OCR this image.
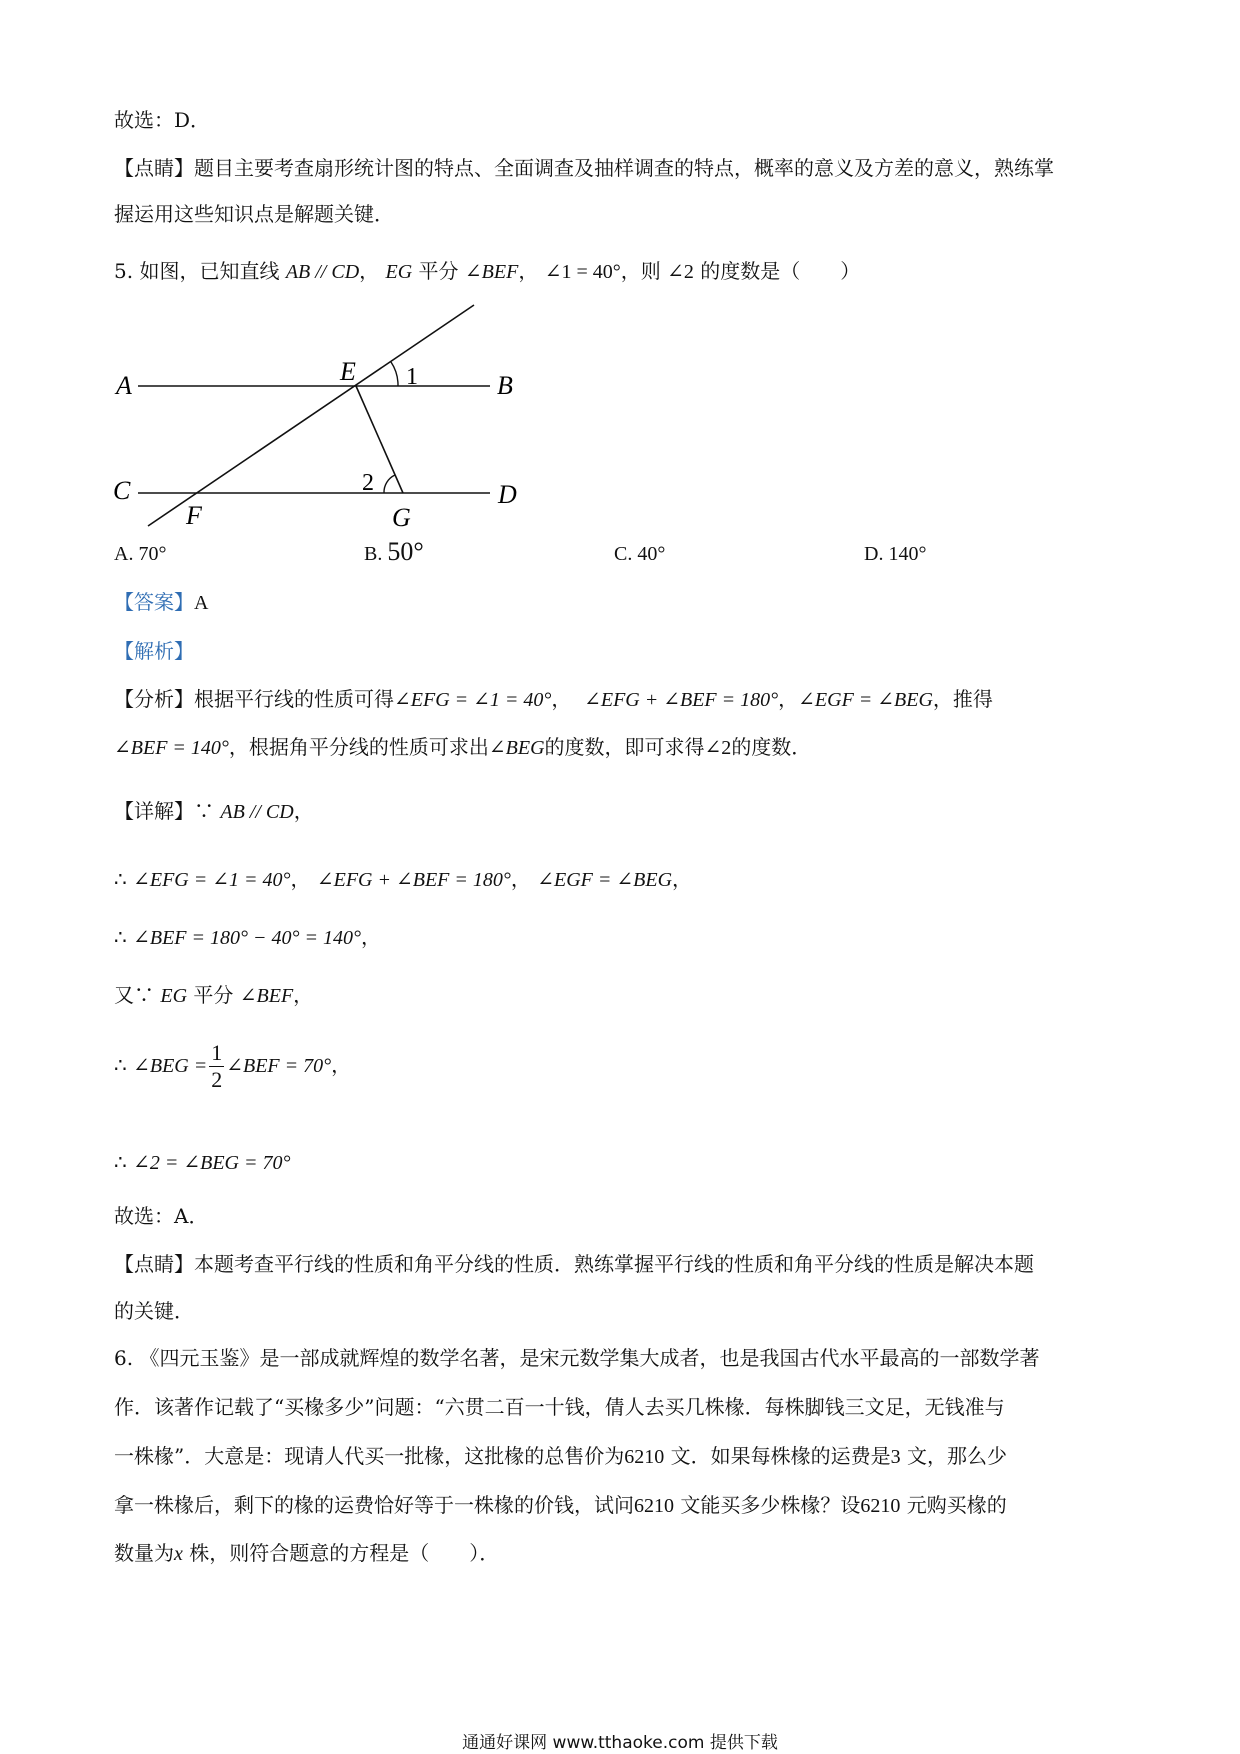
故选：D．
【点睛】题目主要考查扇形统计图的特点、全面调查及抽样调查的特点，概率的意义及方差的意义，熟练掌
握运用这些知识点是解题关键．
5. 如图，已知直线 AB // CD， EG 平分 ∠BEF， ∠1 = 40°，则 ∠2 的度数是（　　）
A	B
C	D
E
F	G
1
2
A. 70°	B. 50°	C. 40°	D. 140°
【答案】A
【解析】
【分析】根据平行线的性质可得∠EFG = ∠1 = 40°， ∠EFG + ∠BEF = 180°，∠EGF = ∠BEG，推得
∠BEF = 140°，根据角平分线的性质可求出∠BEG的度数，即可求得∠2的度数．
【详解】∵ AB // CD，
∴ ∠EFG = ∠1 = 40°， ∠EFG + ∠BEF = 180°， ∠EGF = ∠BEG，
∴ ∠BEF = 180° − 40° = 140°，
又∵ EG 平分 ∠BEF，
∴ ∠BEG = $\frac{1}{2}$ ∠BEF = 70°，
∴ ∠2 = ∠BEG = 70°
故选：A．
【点睛】本题考查平行线的性质和角平分线的性质．熟练掌握平行线的性质和角平分线的性质是解决本题
的关键．
6. 《四元玉鉴》是一部成就辉煌的数学名著，是宋元数学集大成者，也是我国古代水平最高的一部数学著
作．该著作记载了“买椽多少”问题：“六贯二百一十钱，倩人去买几株椽．每株脚钱三文足，无钱准与
一株椽”．大意是：现请人代买一批椽，这批椽的总售价为6210 文．如果每株椽的运费是3 文，那么少
拿一株椽后，剩下的椽的运费恰好等于一株椽的价钱，试问6210 文能买多少株椽？设6210 元购买椽的
数量为x 株，则符合题意的方程是（　　）．
通通好课网 www.tthaoke.com 提供下载
